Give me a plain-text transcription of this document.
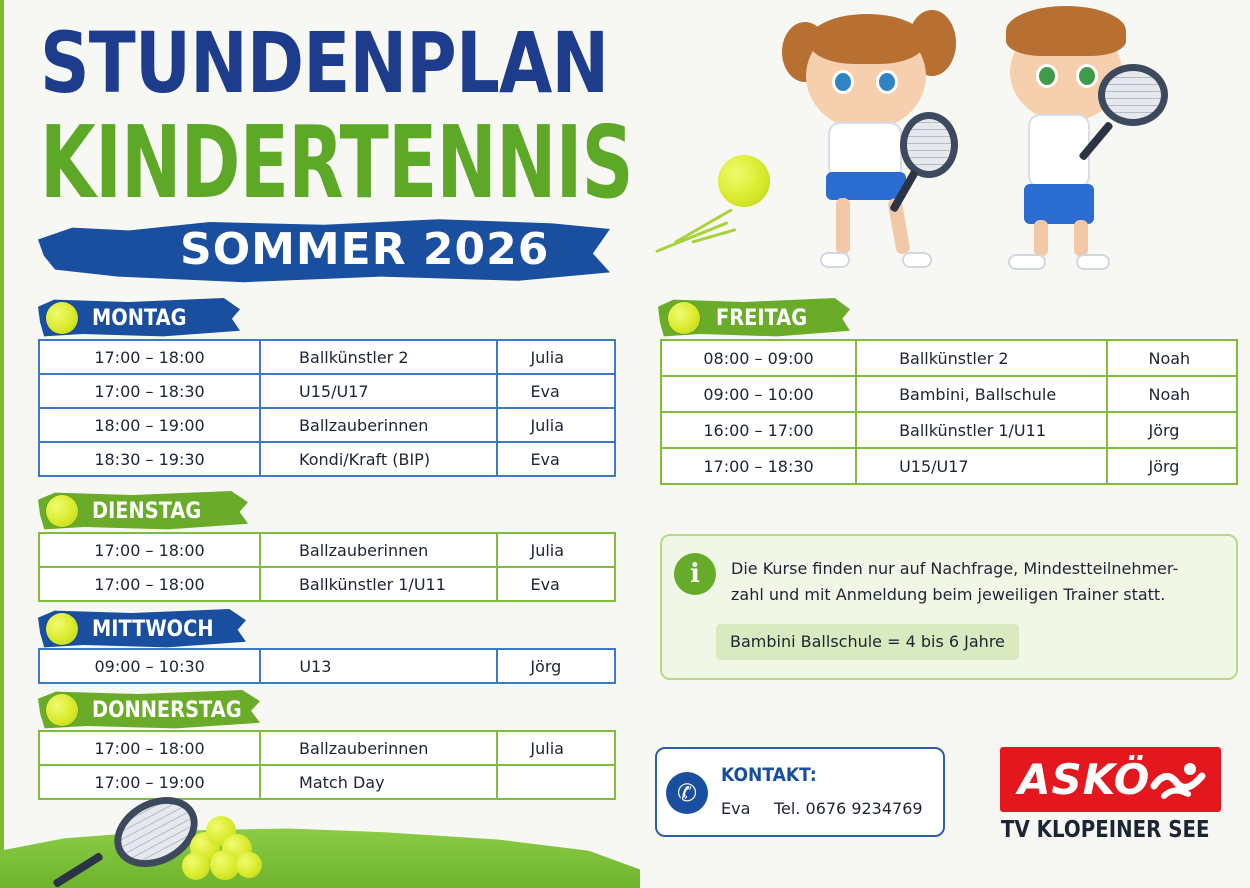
STUNDENPLAN
KINDERTENNIS
SOMMER 2026
MONTAG
17:00 – 18:00	Ballkünstler 2	Julia
17:00 – 18:30	U15/U17	Eva
18:00 – 19:00	Ballzauberinnen	Julia
18:30 – 19:30	Kondi/Kraft (BIP)	Eva
DIENSTAG
17:00 – 18:00	Ballzauberinnen	Julia
17:00 – 18:00	Ballkünstler 1/U11	Eva
MITTWOCH
09:00 – 10:30	U13	Jörg
DONNERSTAG
17:00 – 18:00	Ballzauberinnen	Julia
17:00 – 19:00	Match Day	
FREITAG
08:00 – 09:00	Ballkünstler 2	Noah
09:00 – 10:00	Bambini, Ballschule	Noah
16:00 – 17:00	Ballkünstler 1/U11	Jörg
17:00 – 18:30	U15/U17	Jörg
i	Die Kurse finden nur auf Nachfrage, Mindestteilnehmer-
zahl und mit Anmeldung beim jeweiligen Trainer statt.
Bambini Ballschule = 4 bis 6 Jahre
✆
KONTAKT:
Eva Tel. 0676 9234769
ASKÖ
TV KLOPEINER SEE
